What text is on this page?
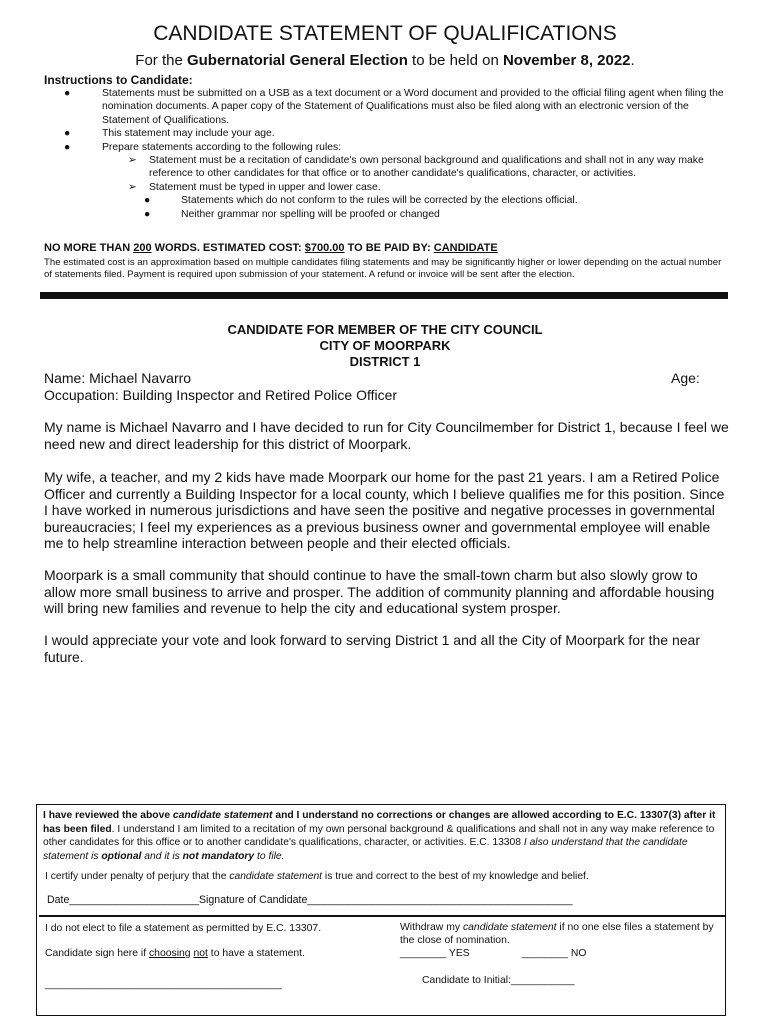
CANDIDATE STATEMENT OF QUALIFICATIONS
For the Gubernatorial General Election to be held on November 8, 2022.
Instructions to Candidate:
●	Statements must be submitted on a USB as a text document or a Word document and provided to the official filing agent when filing the nomination documents. A paper copy of the Statement of Qualifications must also be filed along with an electronic version of the Statement of Qualifications.
●	This statement may include your age.
●	Prepare statements according to the following rules:
➢ Statement must be a recitation of candidate's own personal background and qualifications and shall not in any way make reference to other candidates for that office or to another candidate's qualifications, character, or activities.
➢ Statement must be typed in upper and lower case.
●	Statements which do not conform to the rules will be corrected by the elections official.
●	Neither grammar nor spelling will be proofed or changed
NO MORE THAN 200 WORDS. ESTIMATED COST: $700.00 TO BE PAID BY: CANDIDATE
The estimated cost is an approximation based on multiple candidates filing statements and may be significantly higher or lower depending on the actual number of statements filed. Payment is required upon submission of your statement. A refund or invoice will be sent after the election.
CANDIDATE FOR MEMBER OF THE CITY COUNCIL
CITY OF MOORPARK
DISTRICT 1
Name: Michael Navarro	Age:
Occupation: Building Inspector and Retired Police Officer
My name is Michael Navarro and I have decided to run for City Councilmember for District 1, because I feel we need new and direct leadership for this district of Moorpark.
My wife, a teacher, and my 2 kids have made Moorpark our home for the past 21 years. I am a Retired Police Officer and currently a Building Inspector for a local county, which I believe qualifies me for this position. Since I have worked in numerous jurisdictions and have seen the positive and negative processes in governmental bureaucracies; I feel my experiences as a previous business owner and governmental employee will enable me to help streamline interaction between people and their elected officials.
Moorpark is a small community that should continue to have the small-town charm but also slowly grow to allow more small business to arrive and prosper. The addition of community planning and affordable housing will bring new families and revenue to help the city and educational system prosper.
I would appreciate your vote and look forward to serving District 1 and all the City of Moorpark for the near future.
I have reviewed the above candidate statement and I understand no corrections or changes are allowed according to E.C. 13307(3) after it has been filed. I understand I am limited to a recitation of my own personal background & qualifications and shall not in any way make reference to other candidates for this office or to another candidate's qualifications, character, or activities. E.C. 13308 I also understand that the candidate statement is optional and it is not mandatory to file.
I certify under penalty of perjury that the candidate statement is true and correct to the best of my knowledge and belief.
Date______________________Signature of Candidate_____________________________________________
I do not elect to file a statement as permitted by E.C. 13307.
Candidate sign here if choosing not to have a statement.
_________________________________________
Withdraw my candidate statement if no one else files a statement by the close of nomination.
________ YES	________ NO
Candidate to Initial:___________
